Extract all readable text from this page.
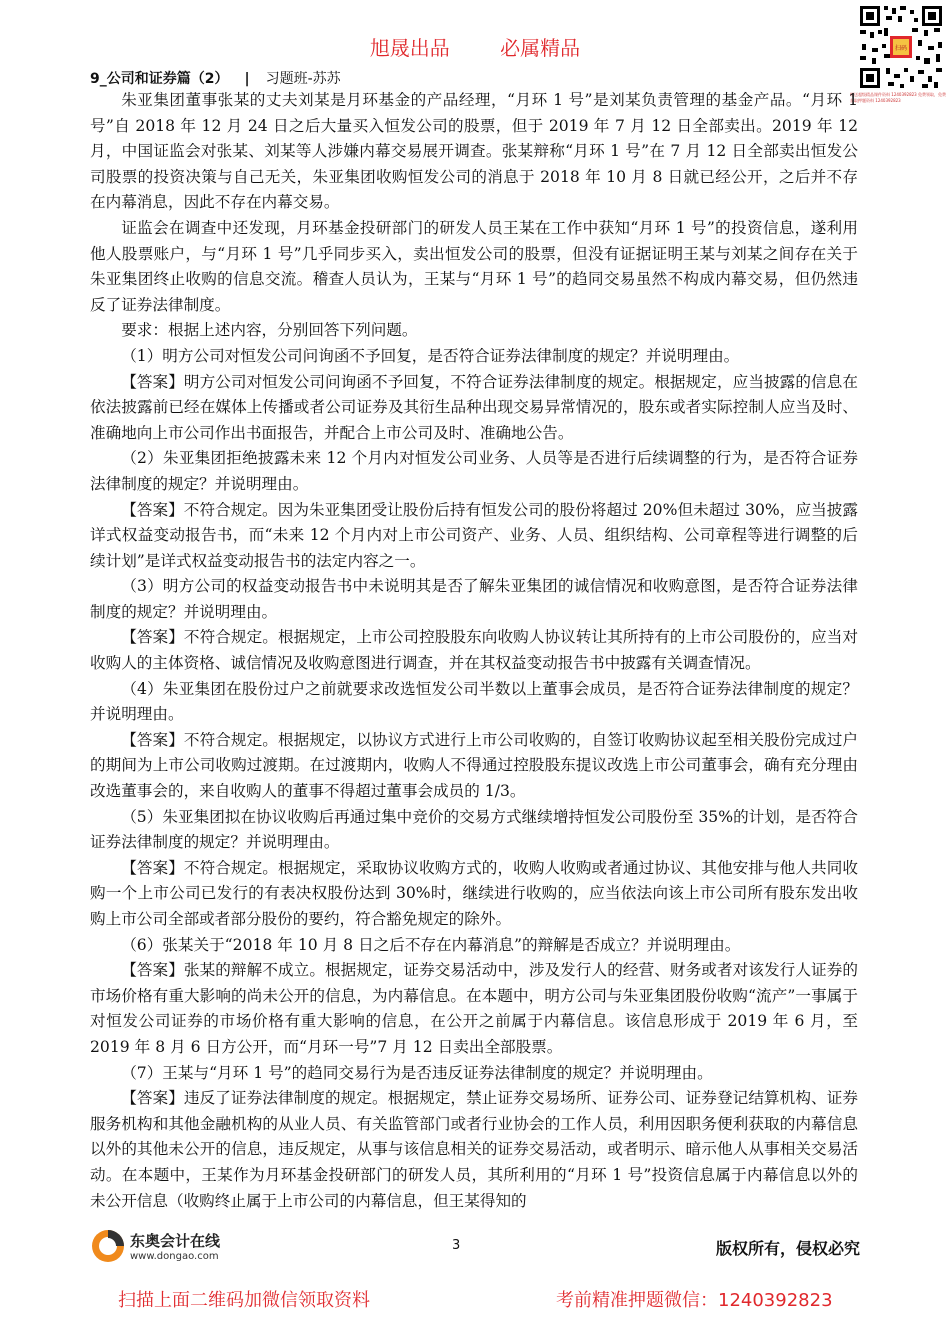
旭晟出品	必属精品	扫码
赠送超级精品课件资料 1240392823 免费领取，免费获取押题资料 1240392823
9_公司和证券篇（2） | 习题班-苏苏

朱亚集团董事张某的丈夫刘某是月环基金的产品经理，“月环 1 号”是刘某负责管理的基金产品。“月环 1 号”自 2018 年 12 月 24 日之后大量买入恒发公司的股票，但于 2019 年 7 月 12 日全部卖出。2019 年 12 月，中国证监会对张某、刘某等人涉嫌内幕交易展开调查。张某辩称“月环 1 号”在 7 月 12 日全部卖出恒发公司股票的投资决策与自己无关，朱亚集团收购恒发公司的消息于 2018 年 10 月 8 日就已经公开，之后并不存在内幕消息，因此不存在内幕交易。

证监会在调查中还发现，月环基金投研部门的研发人员王某在工作中获知“月环 1 号”的投资信息，遂利用他人股票账户，与“月环 1 号”几乎同步买入，卖出恒发公司的股票，但没有证据证明王某与刘某之间存在关于朱亚集团终止收购的信息交流。稽查人员认为，王某与“月环 1 号”的趋同交易虽然不构成内幕交易，但仍然违反了证券法律制度。

要求：根据上述内容，分别回答下列问题。

（1）明方公司对恒发公司问询函不予回复，是否符合证券法律制度的规定？并说明理由。

【答案】明方公司对恒发公司问询函不予回复，不符合证券法律制度的规定。根据规定，应当披露的信息在依法披露前已经在媒体上传播或者公司证券及其衍生品种出现交易异常情况的，股东或者实际控制人应当及时、准确地向上市公司作出书面报告，并配合上市公司及时、准确地公告。

（2）朱亚集团拒绝披露未来 12 个月内对恒发公司业务、人员等是否进行后续调整的行为，是否符合证券法律制度的规定？并说明理由。

【答案】不符合规定。因为朱亚集团受让股份后持有恒发公司的股份将超过 20%但未超过 30%，应当披露详式权益变动报告书，而“未来 12 个月内对上市公司资产、业务、人员、组织结构、公司章程等进行调整的后续计划”是详式权益变动报告书的法定内容之一。

（3）明方公司的权益变动报告书中未说明其是否了解朱亚集团的诚信情况和收购意图，是否符合证券法律制度的规定？并说明理由。

【答案】不符合规定。根据规定，上市公司控股股东向收购人协议转让其所持有的上市公司股份的，应当对收购人的主体资格、诚信情况及收购意图进行调查，并在其权益变动报告书中披露有关调查情况。

（4）朱亚集团在股份过户之前就要求改选恒发公司半数以上董事会成员，是否符合证券法律制度的规定？并说明理由。

【答案】不符合规定。根据规定，以协议方式进行上市公司收购的，自签订收购协议起至相关股份完成过户的期间为上市公司收购过渡期。在过渡期内，收购人不得通过控股股东提议改选上市公司董事会，确有充分理由改选董事会的，来自收购人的董事不得超过董事会成员的 1/3。

（5）朱亚集团拟在协议收购后再通过集中竞价的交易方式继续增持恒发公司股份至 35%的计划，是否符合证券法律制度的规定？并说明理由。

【答案】不符合规定。根据规定，采取协议收购方式的，收购人收购或者通过协议、其他安排与他人共同收购一个上市公司已发行的有表决权股份达到 30%时，继续进行收购的，应当依法向该上市公司所有股东发出收购上市公司全部或者部分股份的要约，符合豁免规定的除外。

（6）张某关于“2018 年 10 月 8 日之后不存在内幕消息”的辩解是否成立？并说明理由。

【答案】张某的辩解不成立。根据规定，证券交易活动中，涉及发行人的经营、财务或者对该发行人证券的市场价格有重大影响的尚未公开的信息，为内幕信息。在本题中，明方公司与朱亚集团股份收购“流产”一事属于对恒发公司证券的市场价格有重大影响的信息，在公开之前属于内幕信息。该信息形成于 2019 年 6 月，至 2019 年 8 月 6 日方公开，而“月环一号”7 月 12 日卖出全部股票。

（7）王某与“月环 1 号”的趋同交易行为是否违反证券法律制度的规定？并说明理由。

【答案】违反了证券法律制度的规定。根据规定，禁止证券交易场所、证券公司、证券登记结算机构、证券服务机构和其他金融机构的从业人员、有关监管部门或者行业协会的工作人员，利用因职务便利获取的内幕信息以外的其他未公开的信息，违反规定，从事与该信息相关的证券交易活动，或者明示、暗示他人从事相关交易活动。在本题中，王某作为月环基金投研部门的研发人员，其所利用的“月环 1 号”投资信息属于内幕信息以外的未公开信息（收购终止属于上市公司的内幕信息，但王某得知的

东奥会计在线
www.dongao.com
3	版权所有，侵权必究
扫描上面二维码加微信领取资料	考前精准押题微信：1240392823
